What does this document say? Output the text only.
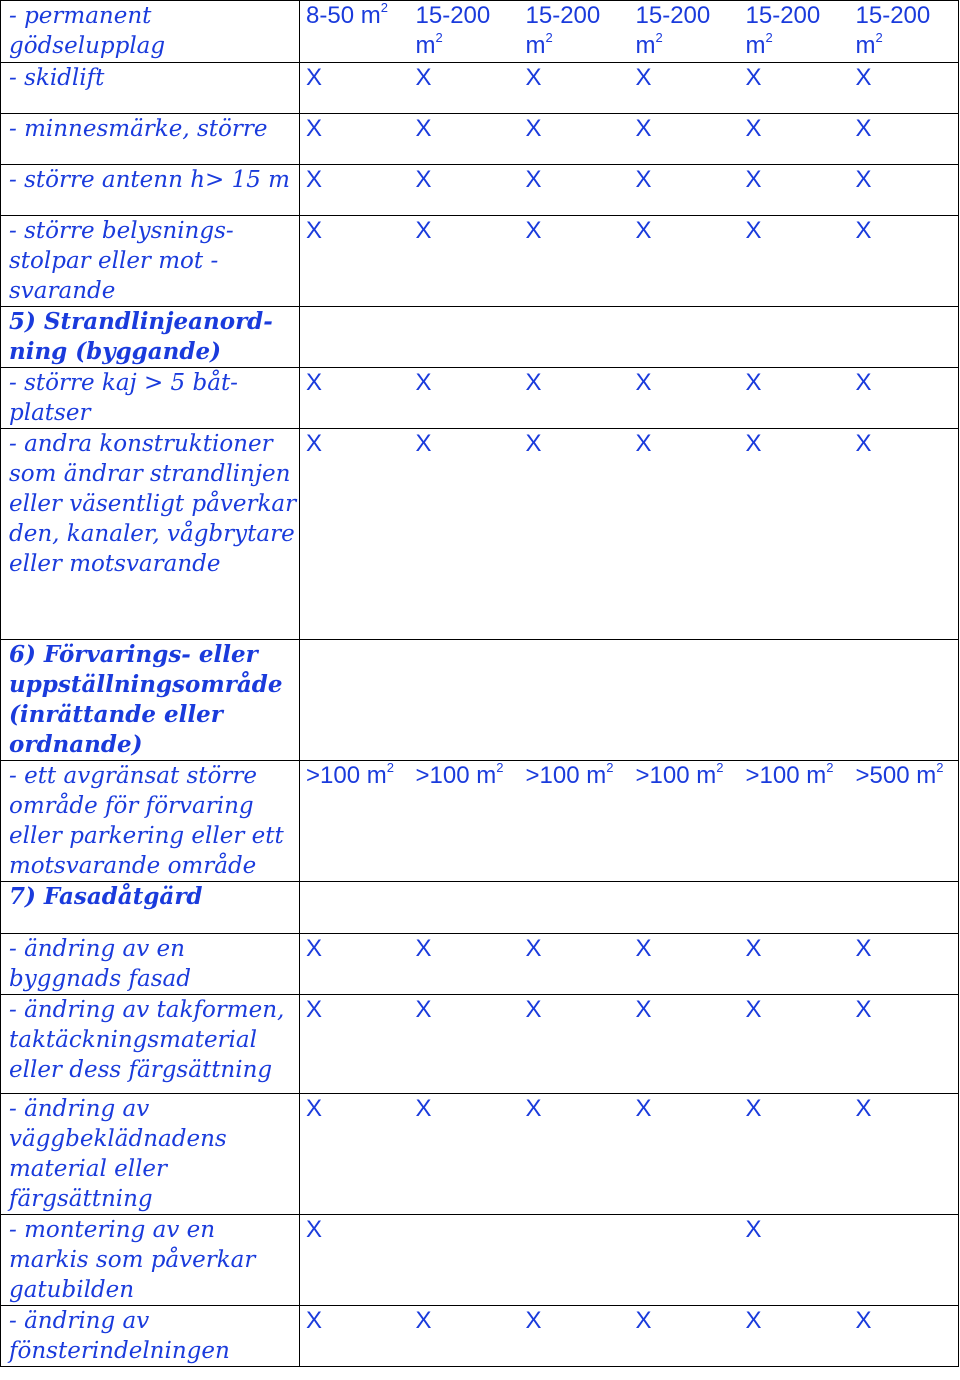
- permanent gödselupplag	8-50 $m^2$	15-200 $m^2$	15-200 $m^2$	15-200 $m^2$	15-200 $m^2$	15-200 $m^2$
- skidlift	X	X	X	X	X	X
- minnesmärke, större	X	X	X	X	X	X
- större antenn h> 15 m	X	X	X	X	X	X
- större belysnings-stolpar eller mot - svarande	X	X	X	X	X	X
5) Strandlinjeanord-ning (byggande)						
- större kaj > 5 båt-platser	X	X	X	X	X	X
- andra konstruktioner som ändrar strandlinjen eller väsentligt påverkar den, kanaler, vågbrytare eller motsvarande	X	X	X	X	X	X
6) Förvarings- eller uppställningsområde (inrättande eller ordnande)						
- ett avgränsat större område för förvaring eller parkering eller ett motsvarande område	>100 $m^2$	>100 $m^2$	>100 $m^2$	>100 $m^2$	>100 $m^2$	>500 $m^2$
7) Fasadåtgärd						
- ändring av en byggnads fasad	X	X	X	X	X	X
- ändring av takformen, taktäckningsmaterial eller dess färgsättning	X	X	X	X	X	X
- ändring av väggbeklädnadens material eller färgsättning	X	X	X	X	X	X
- montering av en markis som påverkar gatubilden	X				X	
- ändring av fönsterindelningen	X	X	X	X	X	X
